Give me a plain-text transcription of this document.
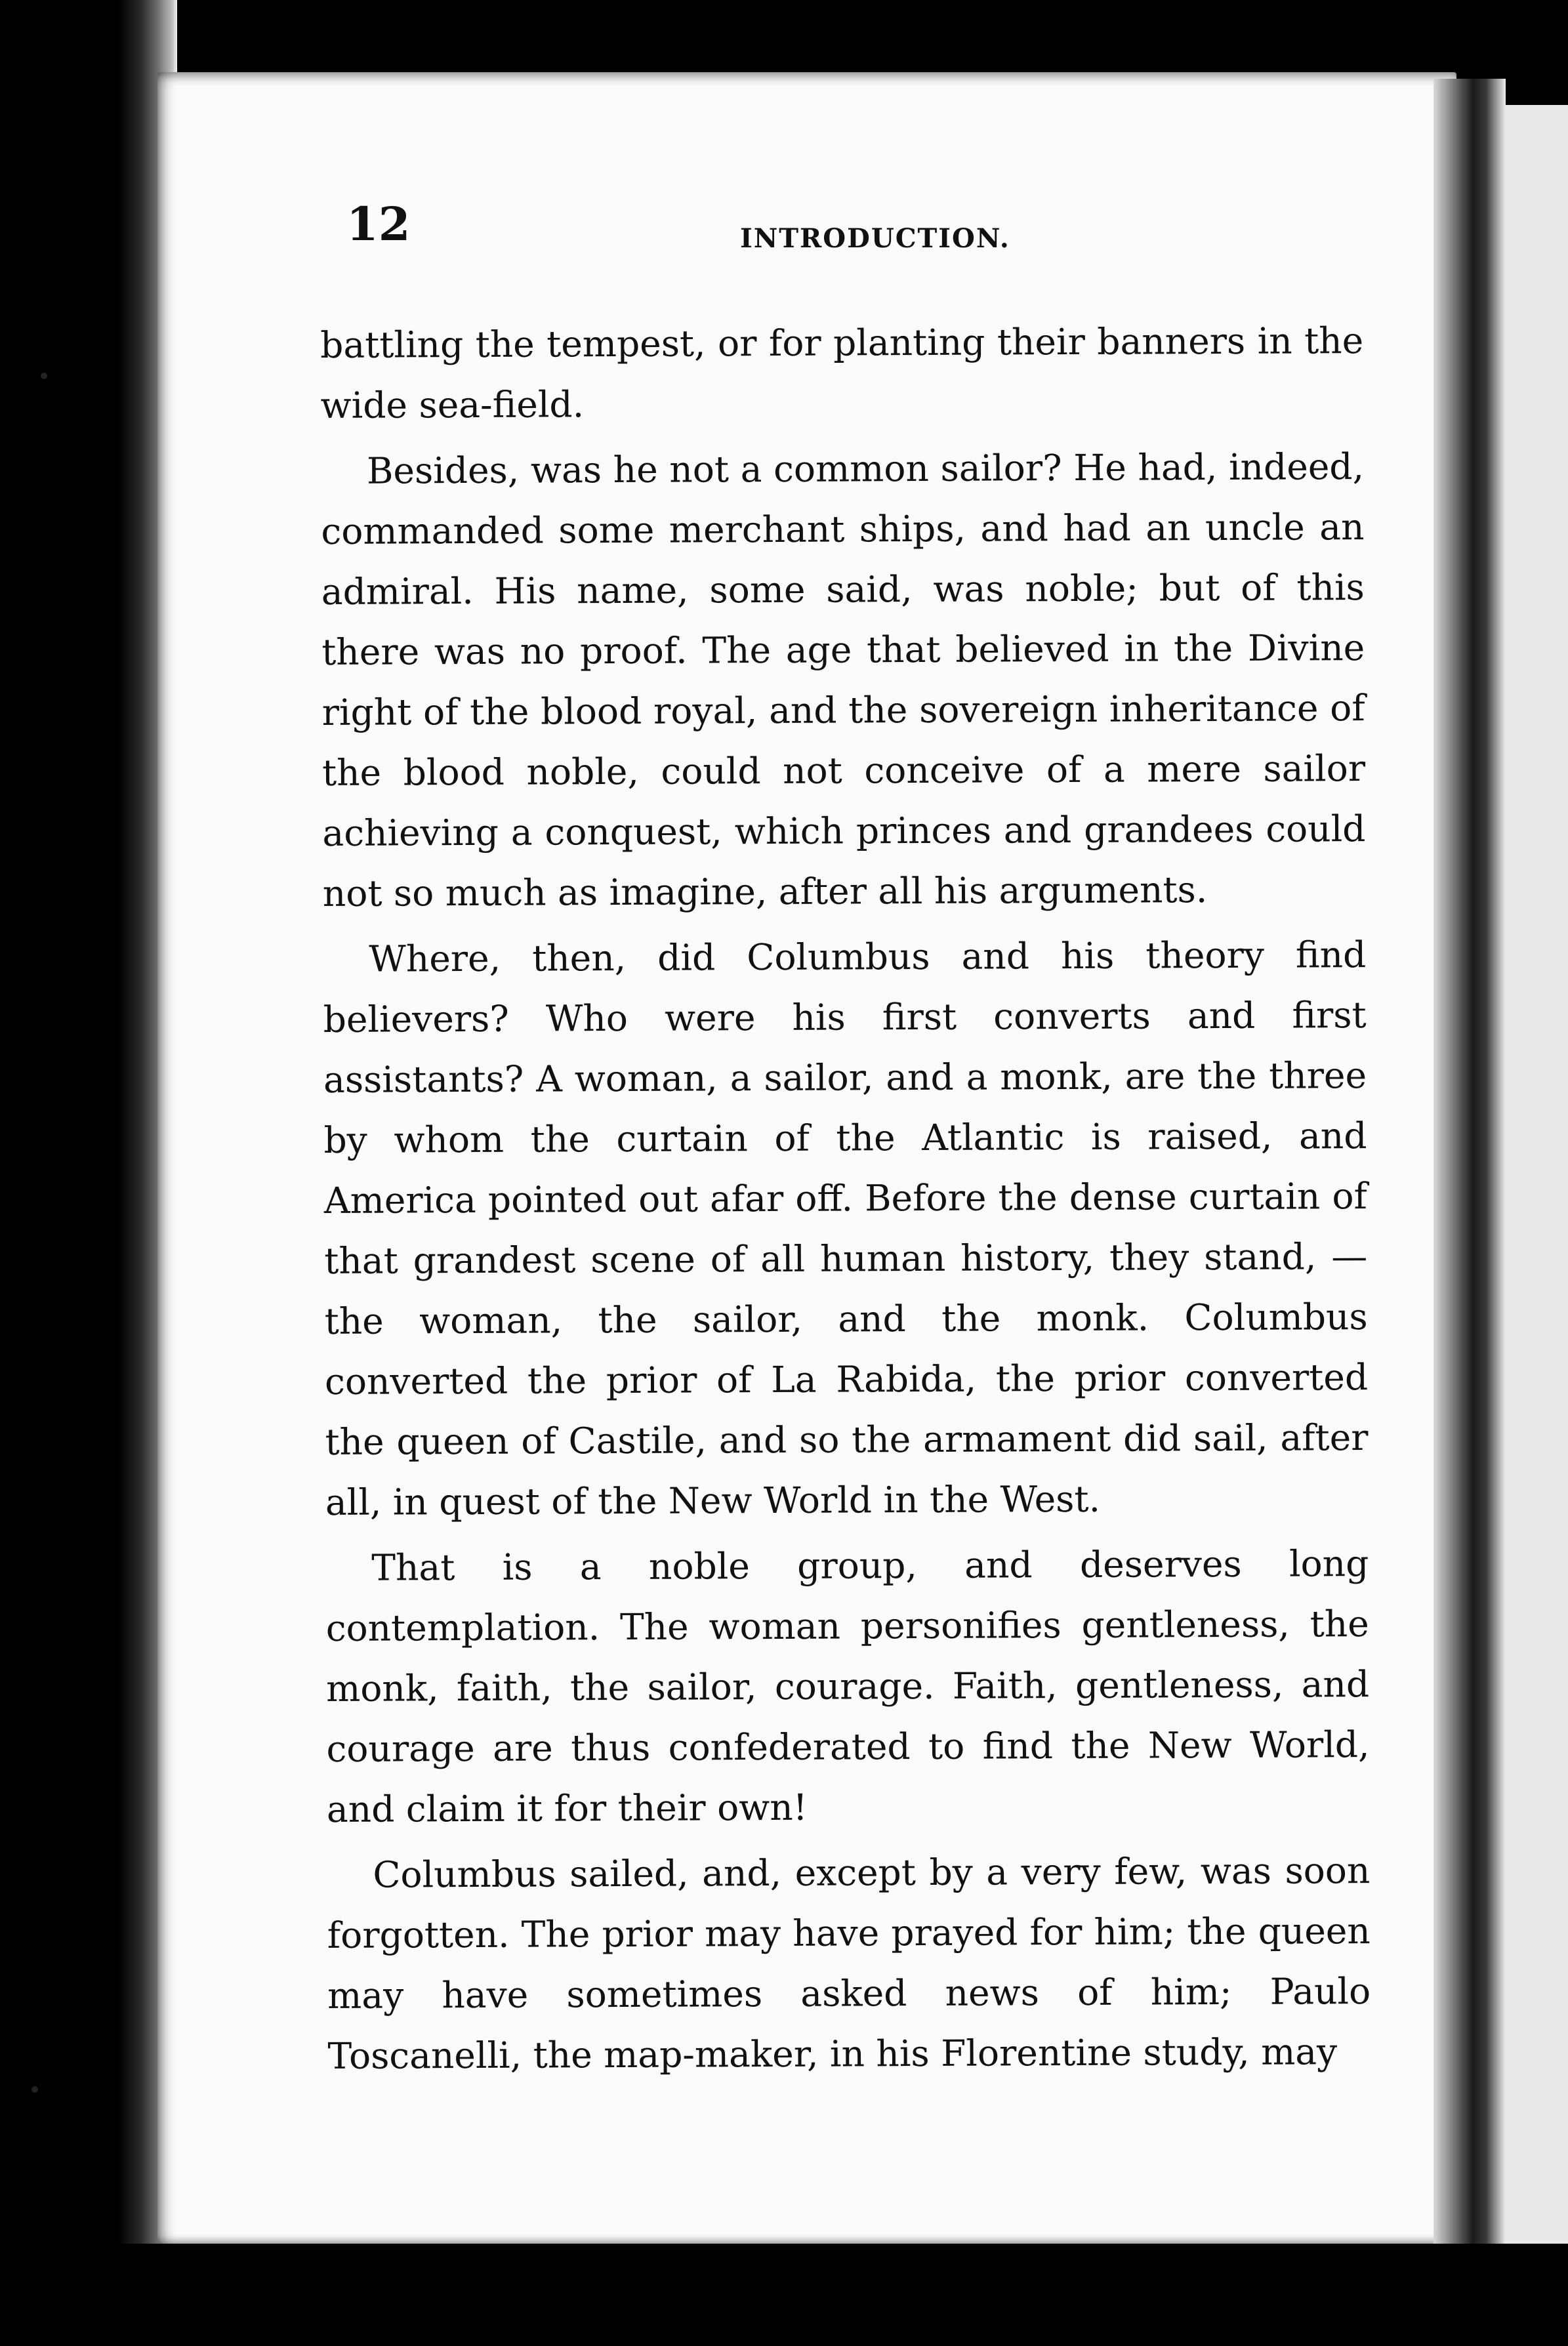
12	INTRODUCTION.

battling the tempest, or for planting their banners in the wide sea-field.

Besides, was he not a common sailor? He had, indeed, commanded some merchant ships, and had an uncle an admiral. His name, some said, was noble; but of this there was no proof. The age that believed in the Divine right of the blood royal, and the sovereign inheritance of the blood noble, could not conceive of a mere sailor achieving a conquest, which princes and grandees could not so much as imagine, after all his arguments.

Where, then, did Columbus and his theory find believers? Who were his first converts and first assistants? A woman, a sailor, and a monk, are the three by whom the curtain of the Atlantic is raised, and America pointed out afar off. Before the dense curtain of that grandest scene of all human history, they stand, — the woman, the sailor, and the monk. Columbus converted the prior of La Rabida, the prior converted the queen of Castile, and so the armament did sail, after all, in quest of the New World in the West.

That is a noble group, and deserves long contemplation. The woman personifies gentleness, the monk, faith, the sailor, courage. Faith, gentleness, and courage are thus confederated to find the New World, and claim it for their own!

Columbus sailed, and, except by a very few, was soon forgotten. The prior may have prayed for him; the queen may have sometimes asked news of him; Paulo Toscanelli, the map-maker, in his Florentine study, may
